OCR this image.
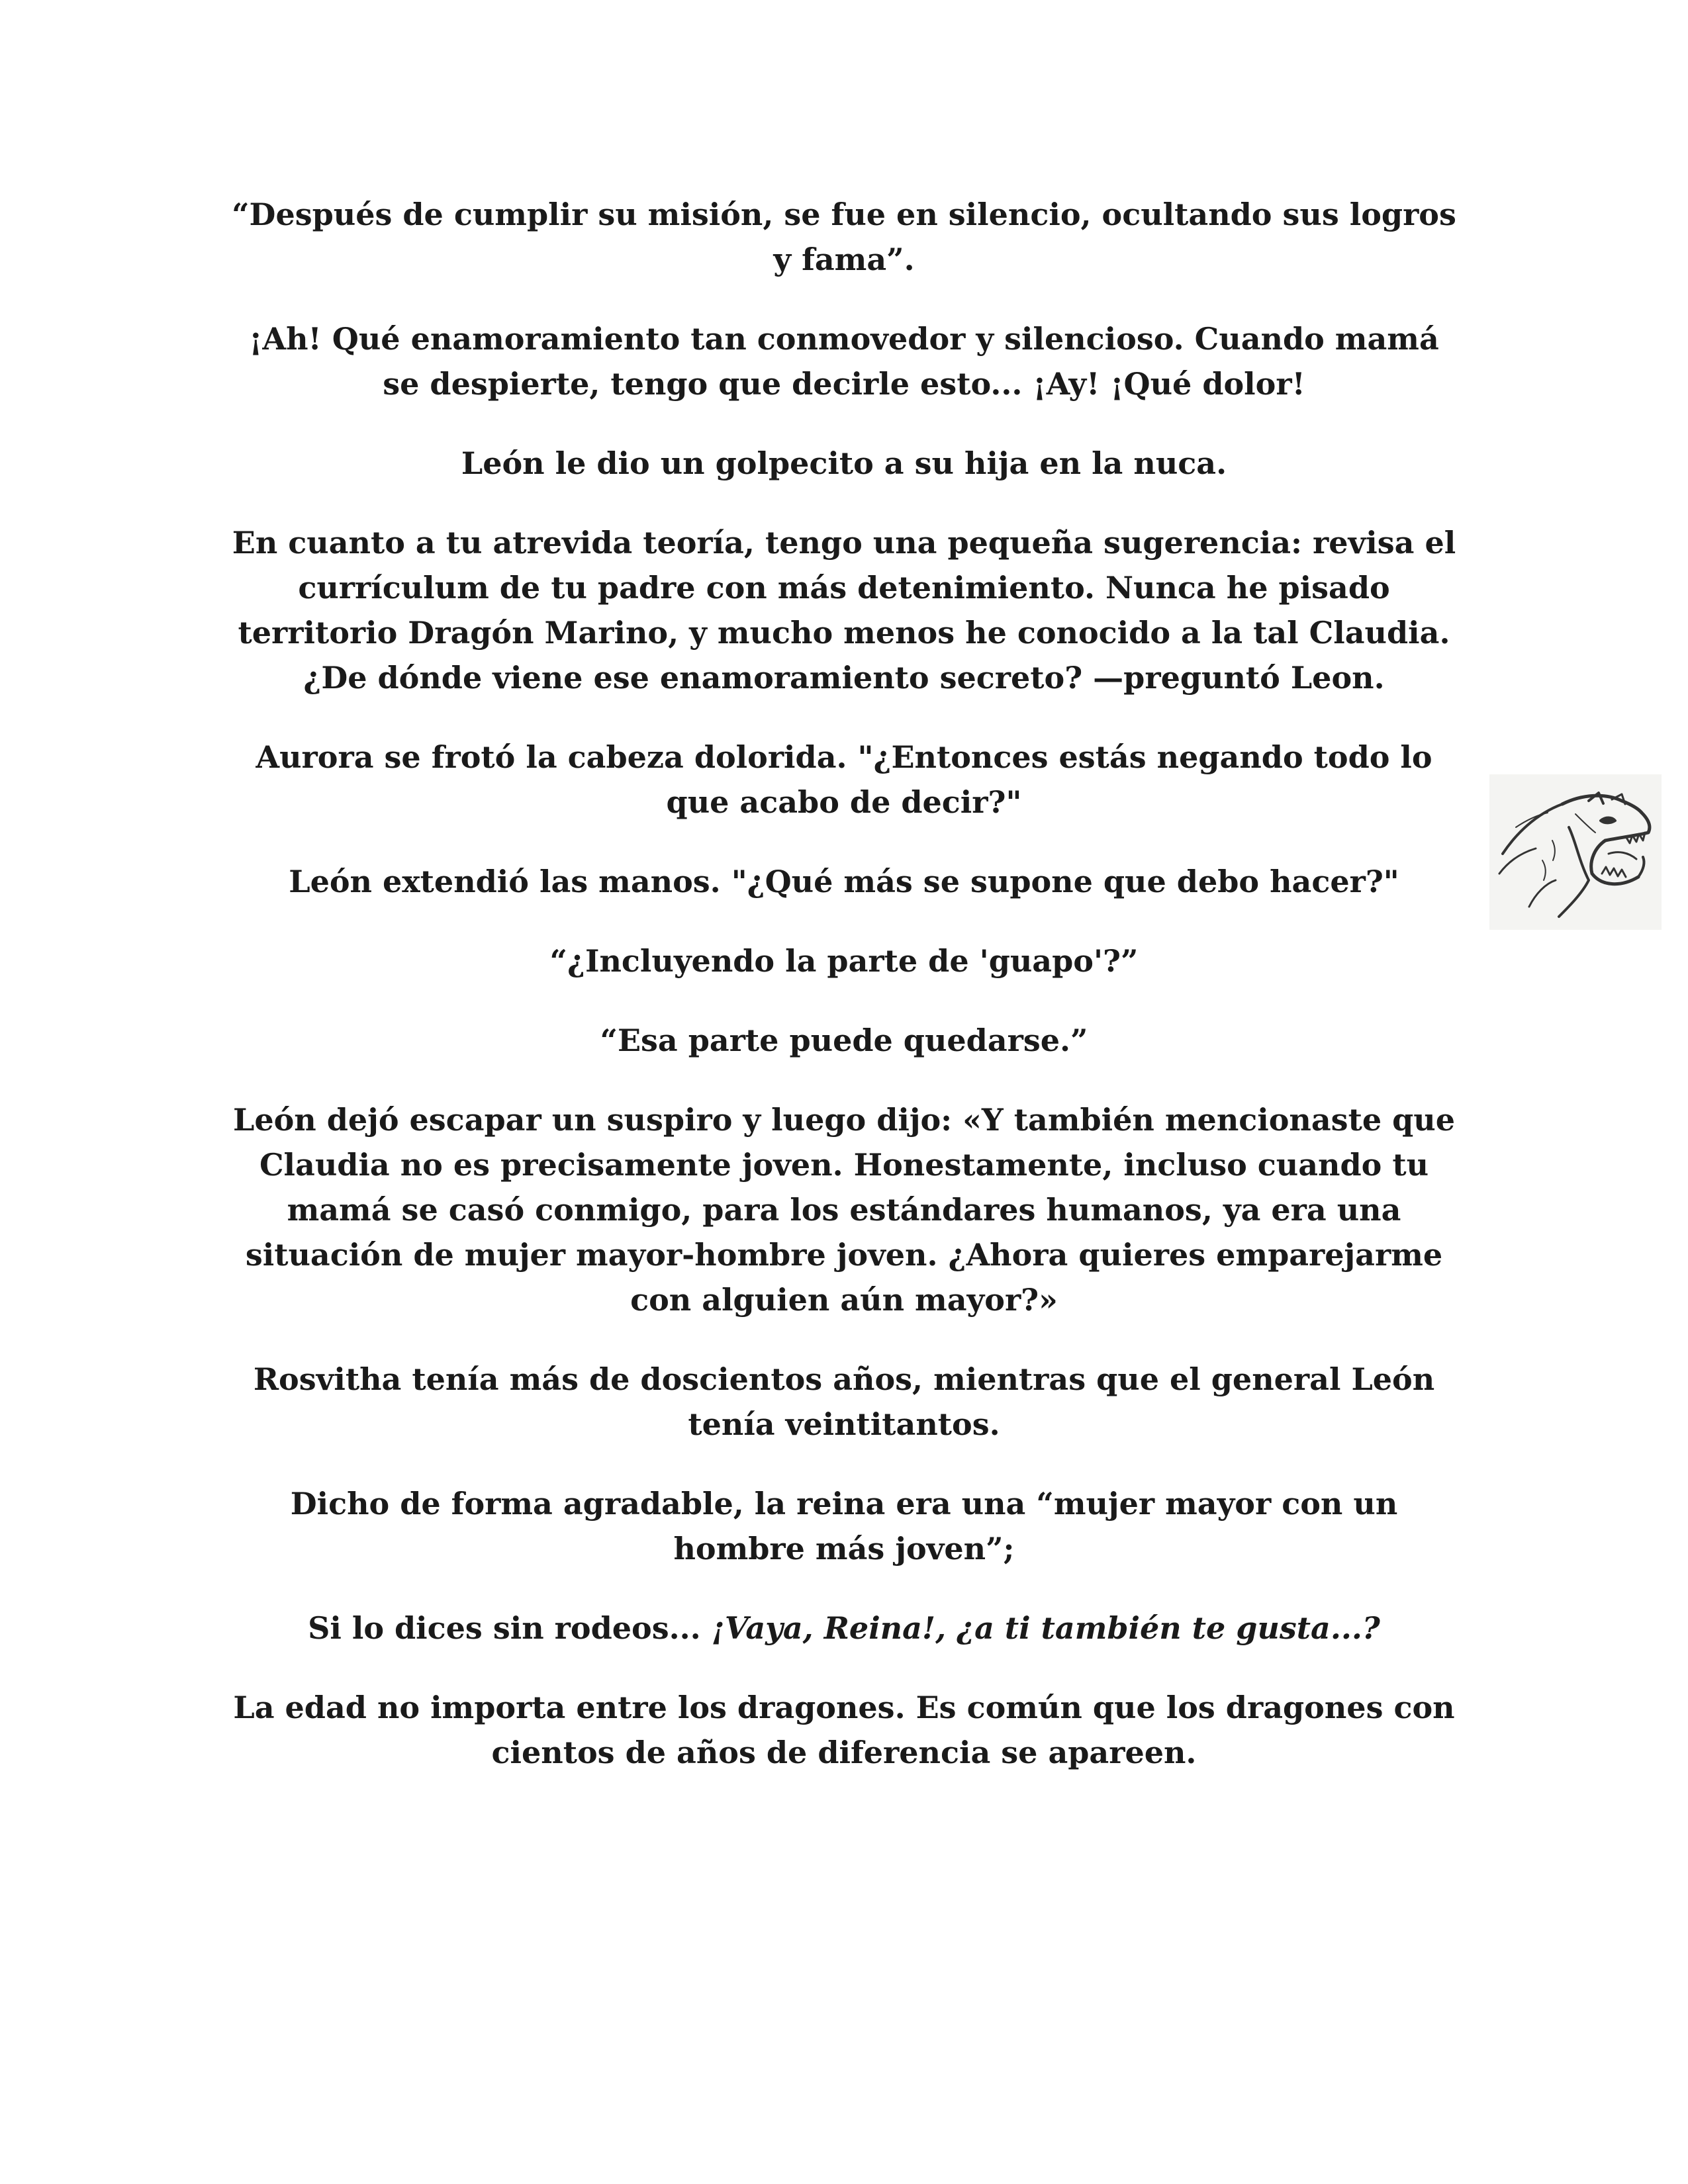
“Después de cumplir su misión, se fue en silencio, ocultando sus logros y fama”.

¡Ah! Qué enamoramiento tan conmovedor y silencioso. Cuando mamá se despierte, tengo que decirle esto... ¡Ay! ¡Qué dolor!

León le dio un golpecito a su hija en la nuca.

En cuanto a tu atrevida teoría, tengo una pequeña sugerencia: revisa el currículum de tu padre con más detenimiento. Nunca he pisado territorio Dragón Marino, y mucho menos he conocido a la tal Claudia. ¿De dónde viene ese enamoramiento secreto? —preguntó Leon.

Aurora se frotó la cabeza dolorida. "¿Entonces estás negando todo lo que acabo de decir?"

León extendió las manos. "¿Qué más se supone que debo hacer?"

“¿Incluyendo la parte de 'guapo'?”

“Esa parte puede quedarse.”

León dejó escapar un suspiro y luego dijo: «Y también mencionaste que Claudia no es precisamente joven. Honestamente, incluso cuando tu mamá se casó conmigo, para los estándares humanos, ya era una situación de mujer mayor-hombre joven. ¿Ahora quieres emparejarme con alguien aún mayor?»

Rosvitha tenía más de doscientos años, mientras que el general León tenía veintitantos.

Dicho de forma agradable, la reina era una “mujer mayor con un hombre más joven”;

Si lo dices sin rodeos... ¡Vaya, Reina!, ¿a ti también te gusta...?

La edad no importa entre los dragones. Es común que los dragones con cientos de años de diferencia se apareen.
